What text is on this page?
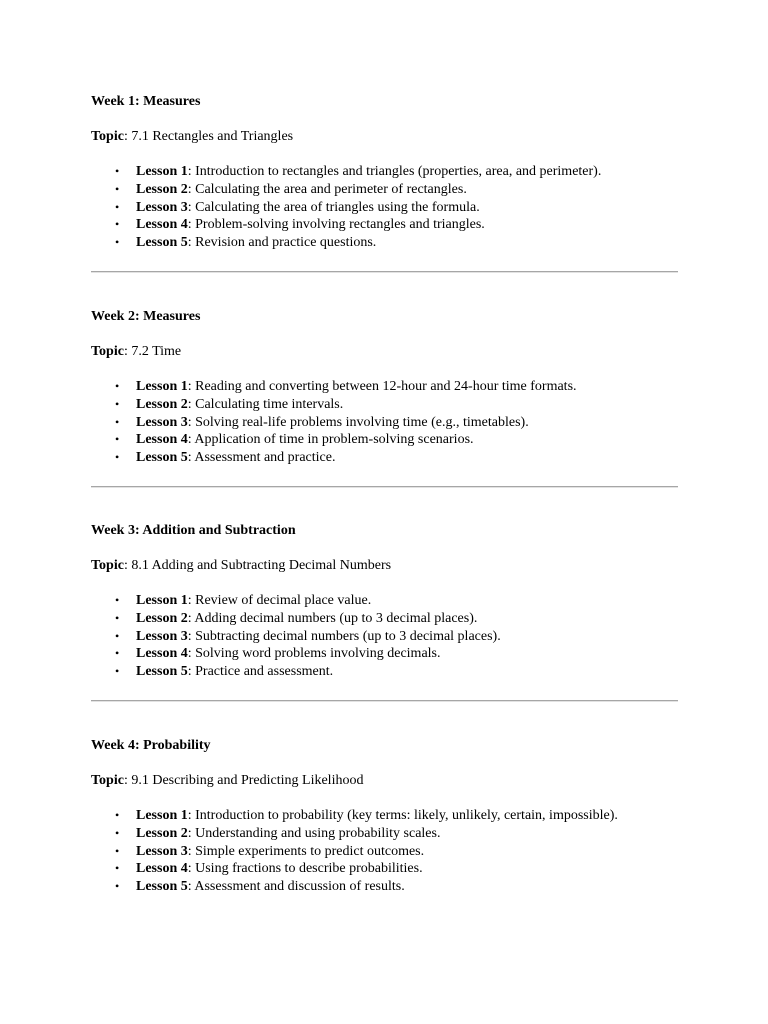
Week 1: Measures

Topic: 7.1 Rectangles and Triangles

• Lesson 1: Introduction to rectangles and triangles (properties, area, and perimeter).
• Lesson 2: Calculating the area and perimeter of rectangles.
• Lesson 3: Calculating the area of triangles using the formula.
• Lesson 4: Problem-solving involving rectangles and triangles.
• Lesson 5: Revision and practice questions.
Week 2: Measures

Topic: 7.2 Time

• Lesson 1: Reading and converting between 12-hour and 24-hour time formats.
• Lesson 2: Calculating time intervals.
• Lesson 3: Solving real-life problems involving time (e.g., timetables).
• Lesson 4: Application of time in problem-solving scenarios.
• Lesson 5: Assessment and practice.
Week 3: Addition and Subtraction

Topic: 8.1 Adding and Subtracting Decimal Numbers

• Lesson 1: Review of decimal place value.
• Lesson 2: Adding decimal numbers (up to 3 decimal places).
• Lesson 3: Subtracting decimal numbers (up to 3 decimal places).
• Lesson 4: Solving word problems involving decimals.
• Lesson 5: Practice and assessment.
Week 4: Probability

Topic: 9.1 Describing and Predicting Likelihood

• Lesson 1: Introduction to probability (key terms: likely, unlikely, certain, impossible).
• Lesson 2: Understanding and using probability scales.
• Lesson 3: Simple experiments to predict outcomes.
• Lesson 4: Using fractions to describe probabilities.
• Lesson 5: Assessment and discussion of results.
